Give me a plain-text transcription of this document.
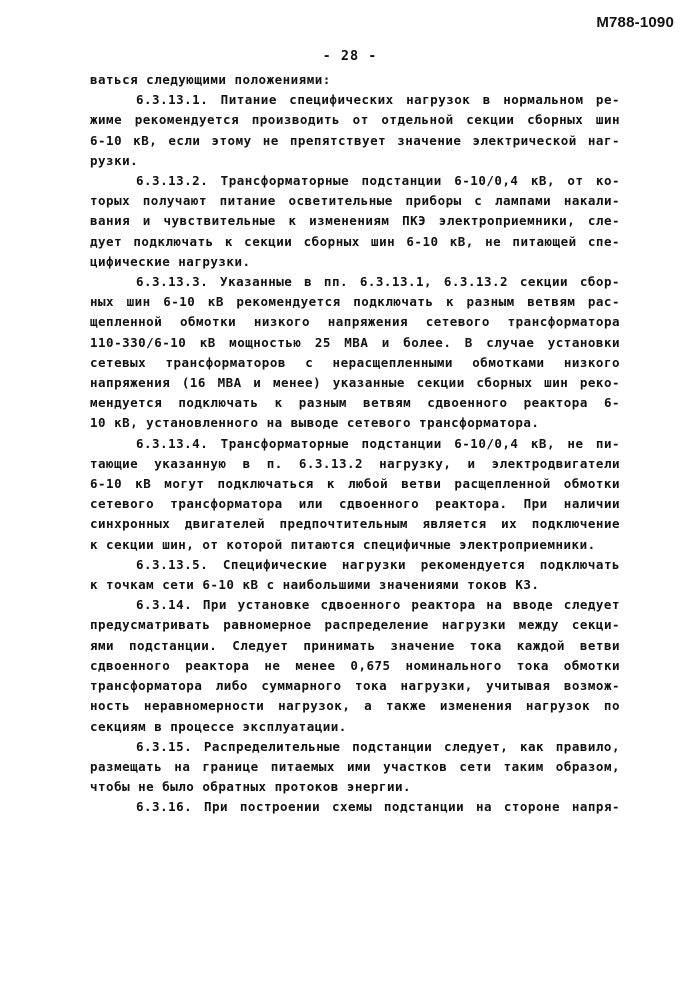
М788-1090
- 28 -
ваться следующими положениями:
6.3.13.1. Питание специфических нагрузок в нормальном ре-
жиме рекомендуется производить от отдельной секции сборных шин
6-10 кВ, если этому не препятствует значение электрической наг-
рузки.
6.3.13.2. Трансформаторные подстанции 6-10/0,4 кВ, от ко-
торых получают питание осветительные приборы с лампами накали-
вания и чувствительные к изменениям ПКЭ электроприемники, сле-
дует подключать к секции сборных шин 6-10 кВ, не питающей спе-
цифические нагрузки.
6.3.13.3. Указанные в пп. 6.3.13.1, 6.3.13.2 секции сбор-
ных шин 6-10 кВ рекомендуется подключать к разным ветвям рас-
щепленной обмотки низкого напряжения сетевого трансформатора
110-330/6-10 кВ мощностью 25 МВА и более. В случае установки
сетевых трансформаторов с нерасщепленными обмотками низкого
напряжения (16 МВА и менее) указанные секции сборных шин реко-
мендуется подключать к разным ветвям сдвоенного реактора 6-
10 кВ, установленного на выводе сетевого трансформатора.
6.3.13.4. Трансформаторные подстанции 6-10/0,4 кВ, не пи-
тающие указанную в п. 6.3.13.2 нагрузку, и электродвигатели
6-10 кВ могут подключаться к любой ветви расщепленной обмотки
сетевого трансформатора или сдвоенного реактора. При наличии
синхронных двигателей предпочтительным является их подключение
к секции шин, от которой питаются специфичные электроприемники.
6.3.13.5. Специфические нагрузки рекомендуется подключать
к точкам сети 6-10 кВ с наибольшими значениями токов КЗ.
6.3.14. При установке сдвоенного реактора на вводе следует
предусматривать равномерное распределение нагрузки между секци-
ями подстанции. Следует принимать значение тока каждой ветви
сдвоенного реактора не менее 0,675 номинального тока обмотки
трансформатора либо суммарного тока нагрузки, учитывая возмож-
ность неравномерности нагрузок, а также изменения нагрузок по
секциям в процессе эксплуатации.
6.3.15. Распределительные подстанции следует, как правило,
размещать на границе питаемых ими участков сети таким образом,
чтобы не было обратных протоков энергии.
6.3.16. При построении схемы подстанции на стороне напря-
